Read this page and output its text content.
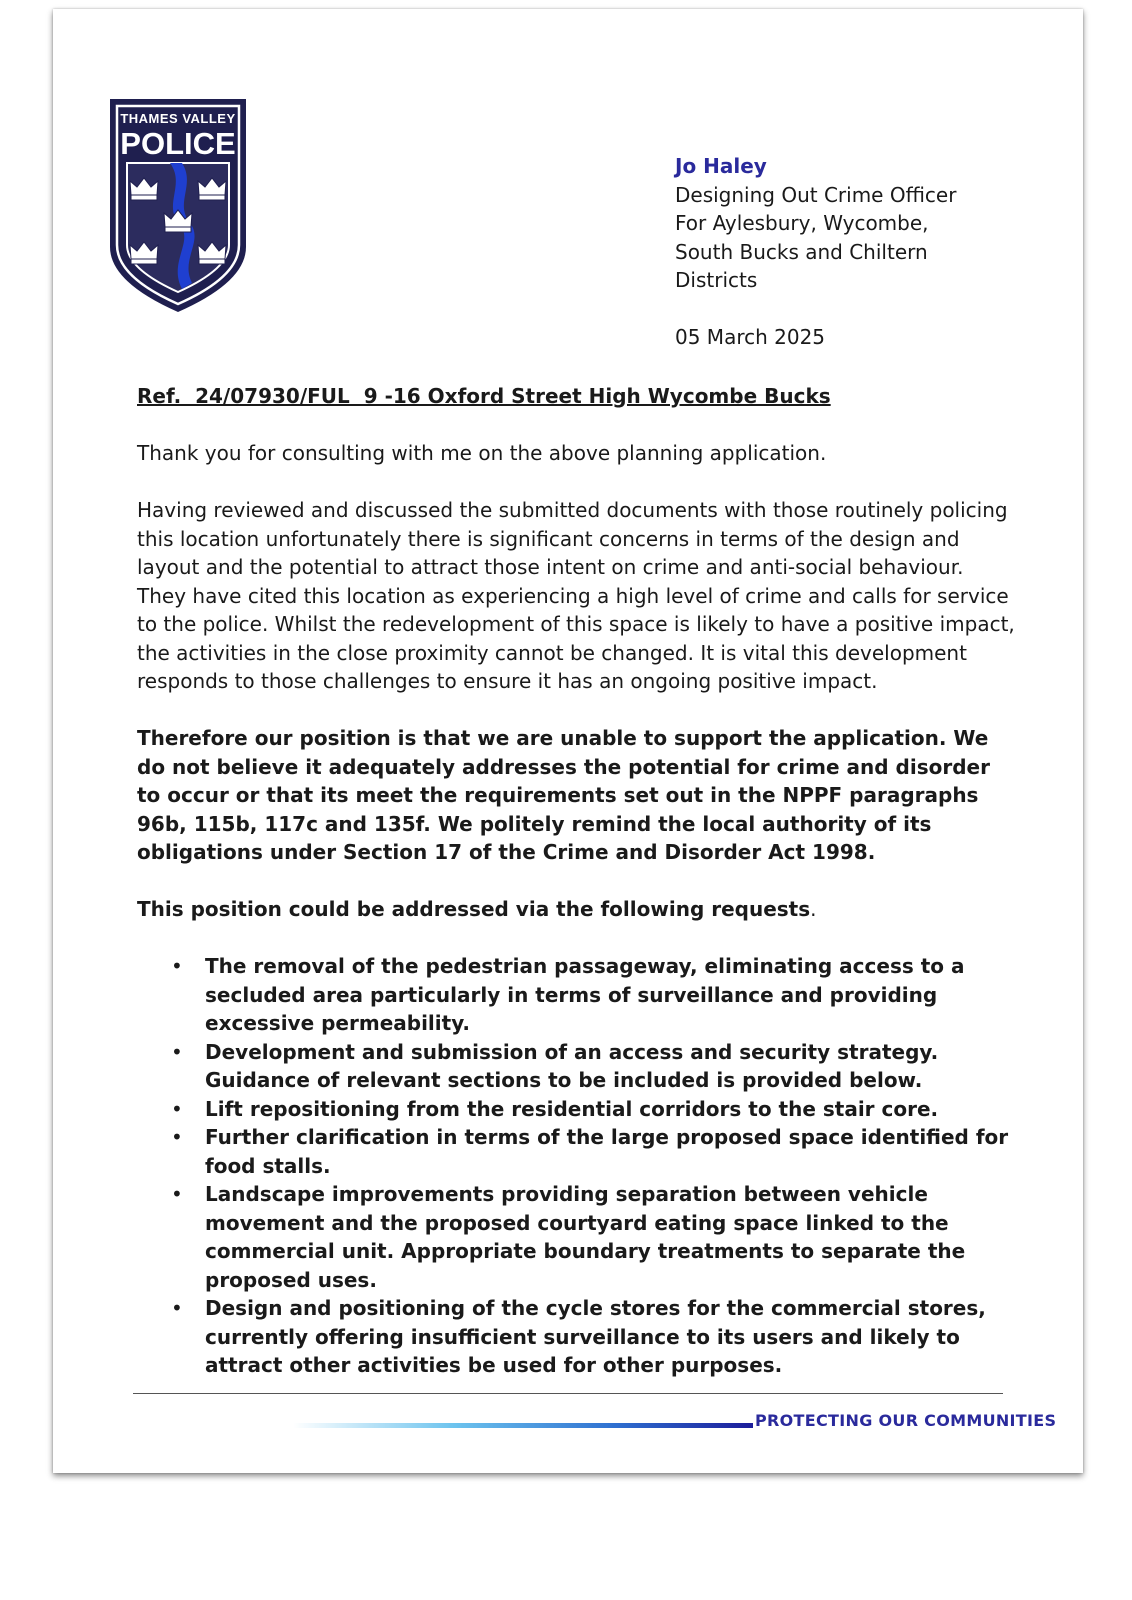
THAMES VALLEY
POLICE
Jo Haley
Designing Out Crime Officer
For Aylesbury, Wycombe,
South Bucks and Chiltern
Districts
05 March 2025

Ref.  24/07930/FUL  9 -16 Oxford Street High Wycombe Bucks

Thank you for consulting with me on the above planning application.

Having reviewed and discussed the submitted documents with those routinely policing this location unfortunately there is significant concerns in terms of the design and layout and the potential to attract those intent on crime and anti-social behaviour. They have cited this location as experiencing a high level of crime and calls for service to the police. Whilst the redevelopment of this space is likely to have a positive impact, the activities in the close proximity cannot be changed. It is vital this development responds to those challenges to ensure it has an ongoing positive impact.

Therefore our position is that we are unable to support the application. We do not believe it adequately addresses the potential for crime and disorder to occur or that its meet the requirements set out in the NPPF paragraphs 96b, 115b, 117c and 135f. We politely remind the local authority of its obligations under Section 17 of the Crime and Disorder Act 1998.

This position could be addressed via the following requests.

• The removal of the pedestrian passageway, eliminating access to a secluded area particularly in terms of surveillance and providing excessive permeability.
• Development and submission of an access and security strategy. Guidance of relevant sections to be included is provided below.
• Lift repositioning from the residential corridors to the stair core.
• Further clarification in terms of the large proposed space identified for food stalls.
• Landscape improvements providing separation between vehicle movement and the proposed courtyard eating space linked to the commercial unit. Appropriate boundary treatments to separate the proposed uses.
• Design and positioning of the cycle stores for the commercial stores, currently offering insufficient surveillance to its users and likely to attract other activities be used for other purposes.
PROTECTING OUR COMMUNITIES
